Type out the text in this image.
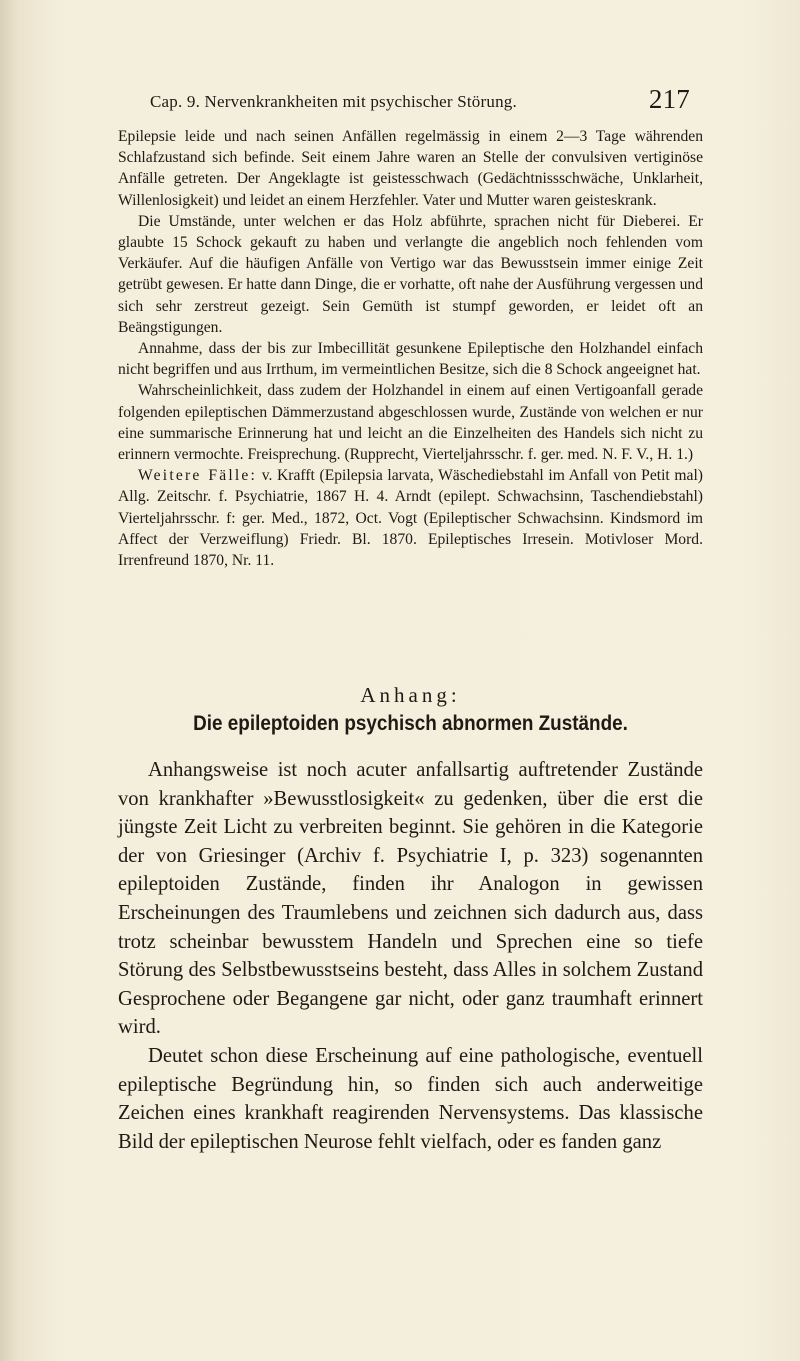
Cap. 9. Nervenkrankheiten mit psychischer Störung.	217

Epilepsie leide und nach seinen Anfällen regelmässig in einem 2—3 Tage währenden Schlafzustand sich befinde. Seit einem Jahre waren an Stelle der convulsiven vertiginöse Anfälle getreten. Der Angeklagte ist geistesschwach (Gedächtnissschwäche, Unklarheit, Willenlosigkeit) und leidet an einem Herzfehler. Vater und Mutter waren geisteskrank.

Die Umstände, unter welchen er das Holz abführte, sprachen nicht für Dieberei. Er glaubte 15 Schock gekauft zu haben und verlangte die angeblich noch fehlenden vom Verkäufer. Auf die häufigen Anfälle von Vertigo war das Bewusstsein immer einige Zeit getrübt gewesen. Er hatte dann Dinge, die er vorhatte, oft nahe der Ausführung vergessen und sich sehr zerstreut gezeigt. Sein Gemüth ist stumpf geworden, er leidet oft an Beängstigungen.

Annahme, dass der bis zur Imbecillität gesunkene Epileptische den Holzhandel einfach nicht begriffen und aus Irrthum, im vermeintlichen Besitze, sich die 8 Schock angeeignet hat.

Wahrscheinlichkeit, dass zudem der Holzhandel in einem auf einen Vertigoanfall gerade folgenden epileptischen Dämmerzustand abgeschlossen wurde, Zustände von welchen er nur eine summarische Erinnerung hat und leicht an die Einzelheiten des Handels sich nicht zu erinnern vermochte. Freisprechung. (Rupprecht, Vierteljahrsschr. f. ger. med. N. F. V., H. 1.)

Weitere Fälle: v. Krafft (Epilepsia larvata, Wäschediebstahl im Anfall von Petit mal) Allg. Zeitschr. f. Psychiatrie, 1867 H. 4. Arndt (epilept. Schwachsinn, Taschendiebstahl) Vierteljahrsschr. f: ger. Med., 1872, Oct. Vogt (Epileptischer Schwachsinn. Kindsmord im Affect der Verzweiflung) Friedr. Bl. 1870. Epileptisches Irresein. Motivloser Mord. Irrenfreund 1870, Nr. 11.

Anhang:
Die epileptoiden psychisch abnormen Zustände.

Anhangsweise ist noch acuter anfallsartig auftretender Zustände von krankhafter »Bewusstlosigkeit« zu gedenken, über die erst die jüngste Zeit Licht zu verbreiten beginnt. Sie gehören in die Kategorie der von Griesinger (Archiv f. Psychiatrie I, p. 323) sogenannten epileptoiden Zustände, finden ihr Analogon in gewissen Erscheinungen des Traumlebens und zeichnen sich dadurch aus, dass trotz scheinbar bewusstem Handeln und Sprechen eine so tiefe Störung des Selbstbewusstseins besteht, dass Alles in solchem Zustand Gesprochene oder Begangene gar nicht, oder ganz traumhaft erinnert wird.

Deutet schon diese Erscheinung auf eine pathologische, eventuell epileptische Begründung hin, so finden sich auch anderweitige Zeichen eines krankhaft reagirenden Nervensystems. Das klassische Bild der epileptischen Neurose fehlt vielfach, oder es fanden ganz
